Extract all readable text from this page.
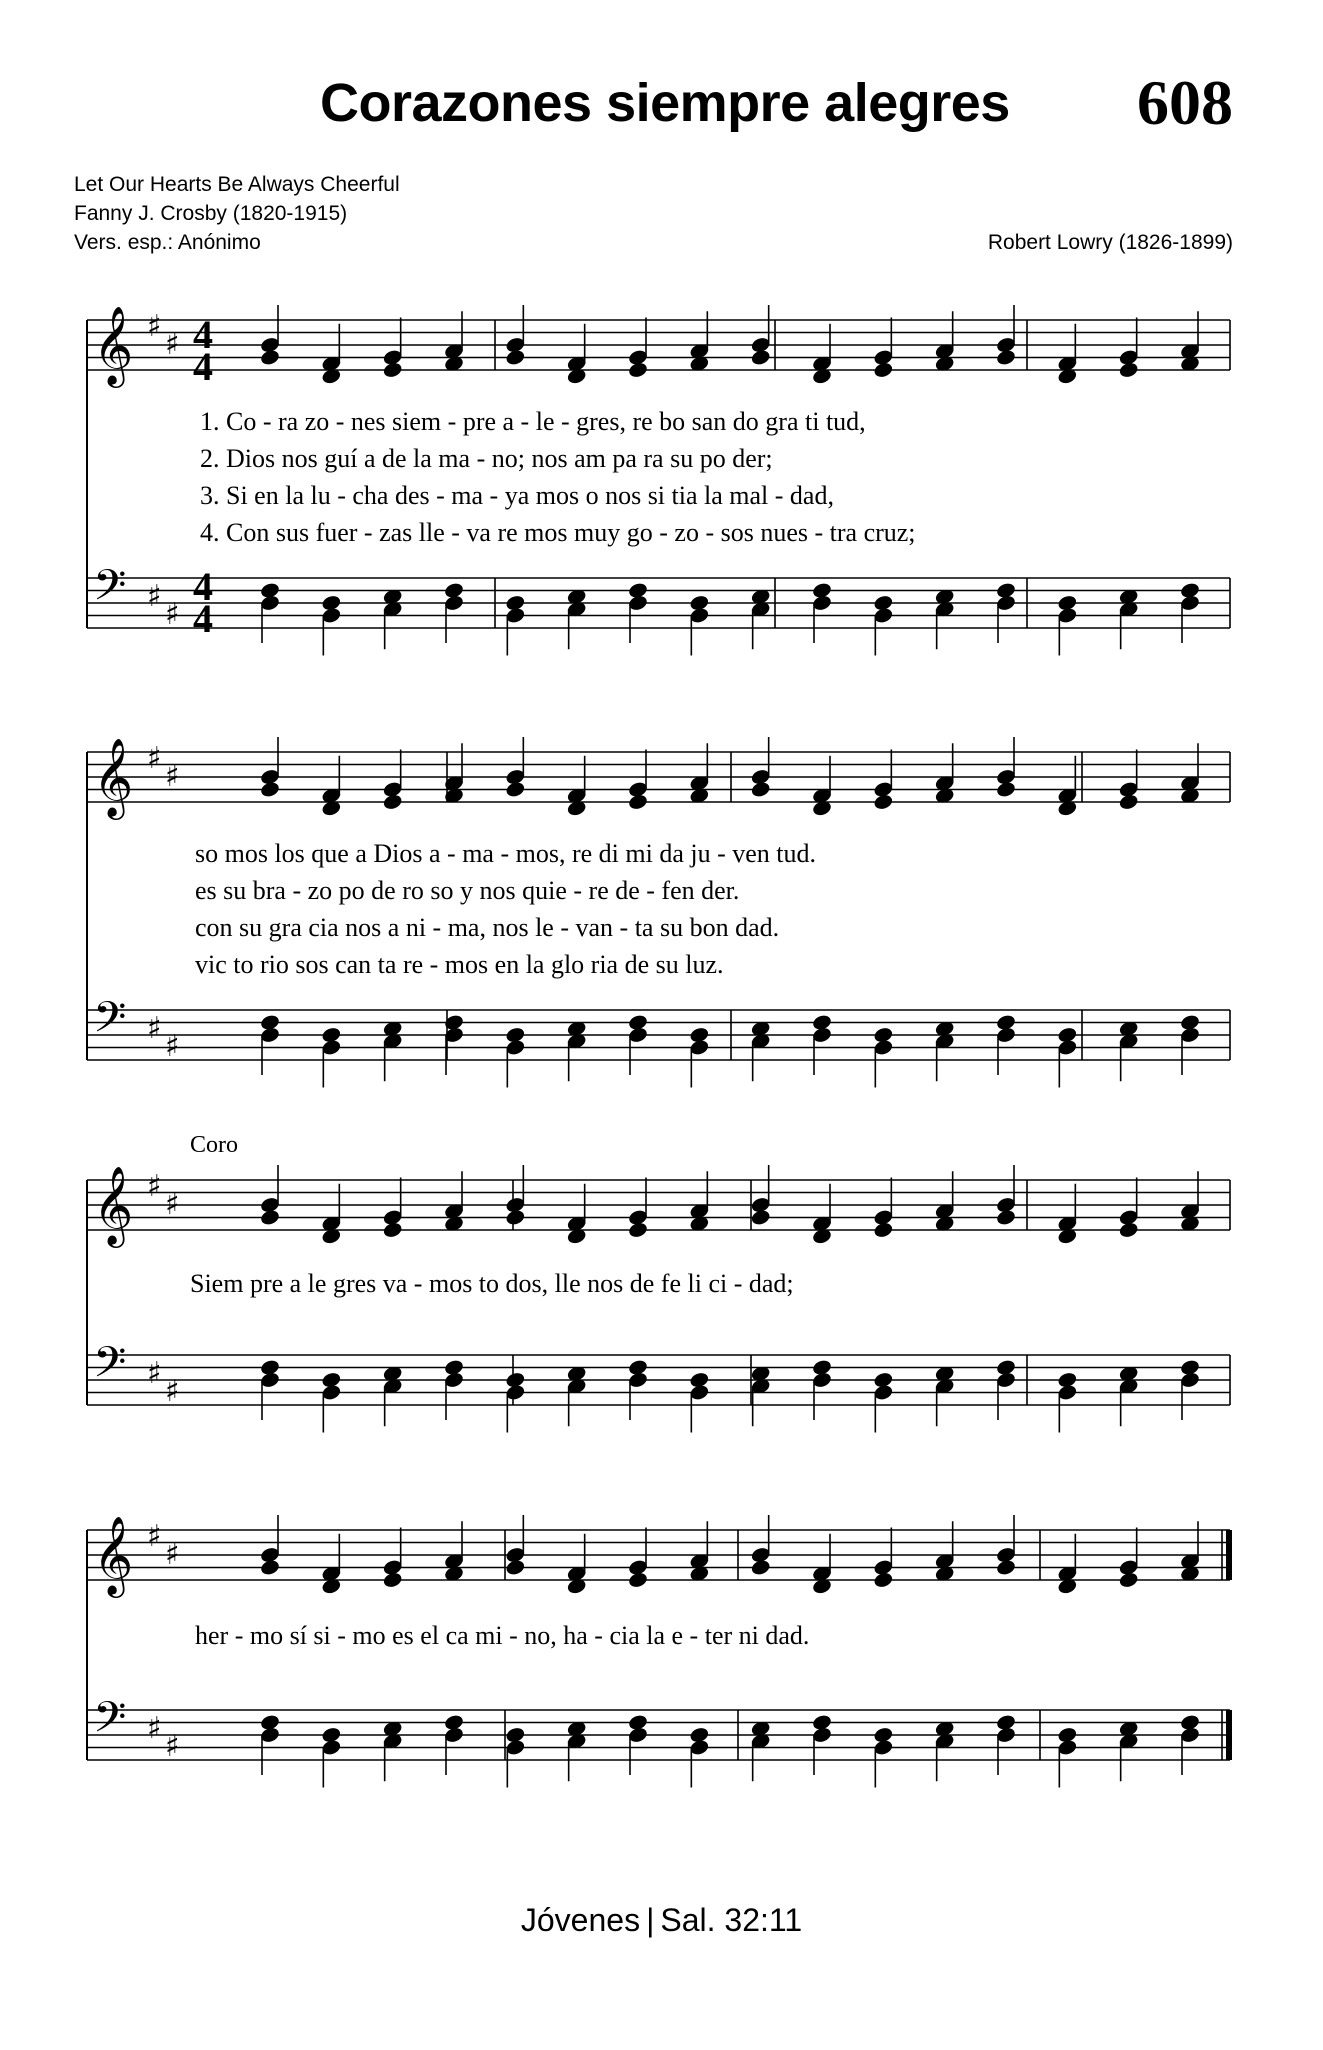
Corazones siempre alegres 608
Let Our Hearts Be Always Cheerful
Fanny J. Crosby (1820-1915)
Vers. esp.: Anónimo	Robert Lowry (1826-1899)
𝄞 ♯
♯
𝄢 ♯
♯
𝄞 ♯
♯
𝄢 ♯
♯
𝄞 ♯
♯
𝄢 ♯
♯
𝄞 ♯
♯
𝄢 ♯
♯
4
4
4
4
1. Co - ra zo - nes siem - pre a - le - gres, re bo san do gra ti tud,
2. Dios nos guí a de la ma - no; nos am pa ra su po der;
3. Si en la lu - cha des - ma - ya mos o nos si tia la mal - dad,
4. Con sus fuer - zas lle - va re mos muy go - zo - sos nues - tra cruz;
so mos los que a Dios a - ma - mos, re di mi da ju - ven tud.
es su bra - zo po de ro so y nos quie - re de - fen der.
con su gra cia nos a ni - ma, nos le - van - ta su bon dad.
vic to rio sos can ta re - mos en la glo ria de su luz.
Coro
Siem pre a le gres va - mos to dos, lle nos de fe li ci - dad;
her - mo sí si - mo es el ca mi - no, ha - cia la e - ter ni dad.
Jóvenes | Sal. 32:11
